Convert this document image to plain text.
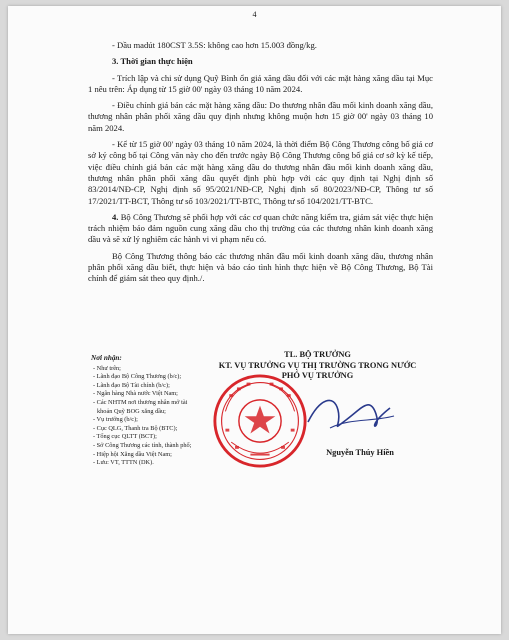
4

- Dầu madút 180CST 3.5S: không cao hơn 15.003 đồng/kg.

3. Thời gian thực hiện

- Trích lập và chi sử dụng Quỹ Bình ổn giá xăng dầu đối với các mặt hàng xăng dầu tại Mục 1 nêu trên: Áp dụng từ 15 giờ 00' ngày 03 tháng 10 năm 2024.

- Điều chỉnh giá bán các mặt hàng xăng dầu: Do thương nhân đầu mối kinh doanh xăng dầu, thương nhân phân phối xăng dầu quy định nhưng không muộn hơn 15 giờ 00' ngày 03 tháng 10 năm 2024.

- Kể từ 15 giờ 00' ngày 03 tháng 10 năm 2024, là thời điểm Bộ Công Thương công bố giá cơ sở ký công bố tại Công văn này cho đến trước ngày Bộ Công Thương công bố giá cơ sở kỳ kế tiếp, việc điều chỉnh giá bán các mặt hàng xăng dầu do thương nhân đầu mối kinh doanh xăng dầu, thương nhân phân phối xăng dầu quyết định phù hợp với các quy định tại Nghị định số 83/2014/NĐ-CP, Nghị định số 95/2021/NĐ-CP, Nghị định số 80/2023/NĐ-CP, Thông tư số 17/2021/TT-BCT, Thông tư số 103/2021/TT-BTC, Thông tư số 104/2021/TT-BTC.

4. Bộ Công Thương sẽ phối hợp với các cơ quan chức năng kiểm tra, giám sát việc thực hiện trách nhiệm bảo đảm nguồn cung xăng dầu cho thị trường của các thương nhân kinh doanh xăng dầu và sẽ xử lý nghiêm các hành vi vi phạm nếu có.

Bộ Công Thương thông báo các thương nhân đầu mối kinh doanh xăng dầu, thương nhân phân phối xăng dầu biết, thực hiện và báo cáo tình hình thực hiện về Bộ Công Thương, Bộ Tài chính để giám sát theo quy định./.

Nơi nhận:
- Như trên;
- Lãnh đạo Bộ Công Thương (b/c);
- Lãnh đạo Bộ Tài chính (b/c);
- Ngân hàng Nhà nước Việt Nam;
- Các NHTM nơi thương nhân mở tài khoản Quỹ BOG xăng dầu;
- Vụ trưởng (b/c);
- Cục QLG, Thanh tra Bộ (BTC);
- Tổng cục QLTT (BCT);
- Sở Công Thương các tỉnh, thành phố;
- Hiệp hội Xăng dầu Việt Nam;
- Lưu: VT, TTTN (DK).
TL. BỘ TRƯỞNG
KT. VỤ TRƯỞNG VỤ THỊ TRƯỜNG TRONG NƯỚC
PHÓ VỤ TRƯỞNG
Nguyễn Thúy Hiền
